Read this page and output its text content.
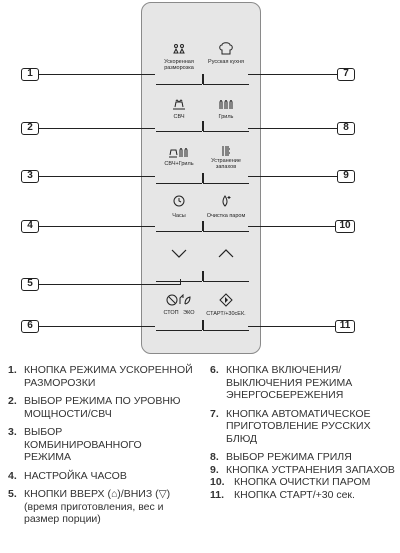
Ускоренная разморозка
Русская кухня
СВЧ	Гриль
СВЧ+Гриль	Устранение запахов
Часы	Очистка паром
СТОП ЭКО	СТАРТ/+30сЕК.
1	7
2	8
3	9
4	10
5
6	11
1. КНОПКА РЕЖИМА УСКОРЕННОЙ РАЗМОРОЗКИ
2. ВЫБОР РЕЖИМА ПО УРОВНЮ МОЩНОСТИ/СВЧ
3. ВЫБОР КОМБИНИРОВАННОГО РЕЖИМА
4. НАСТРОЙКА ЧАСОВ
5. КНОПКИ ВВЕРХ (⌂)/ВНИЗ (▽)
(время приготовления, вес и размер порции)
6. КНОПКА ВКЛЮЧЕНИЯ/ ВЫКЛЮЧЕНИЯ РЕЖИМА ЭНЕРГОСБЕРЕЖЕНИЯ
7. КНОПКА АВТОМАТИЧЕСКОЕ ПРИГОТОВЛЕНИЕ РУССКИХ БЛЮД
8. ВЫБОР РЕЖИМА ГРИЛЯ
9. КНОПКА УСТРАНЕНИЯ ЗАПАХОВ
10. КНОПКА ОЧИСТКИ ПАРОМ
11. КНОПКА СТАРТ/+30 сек.
